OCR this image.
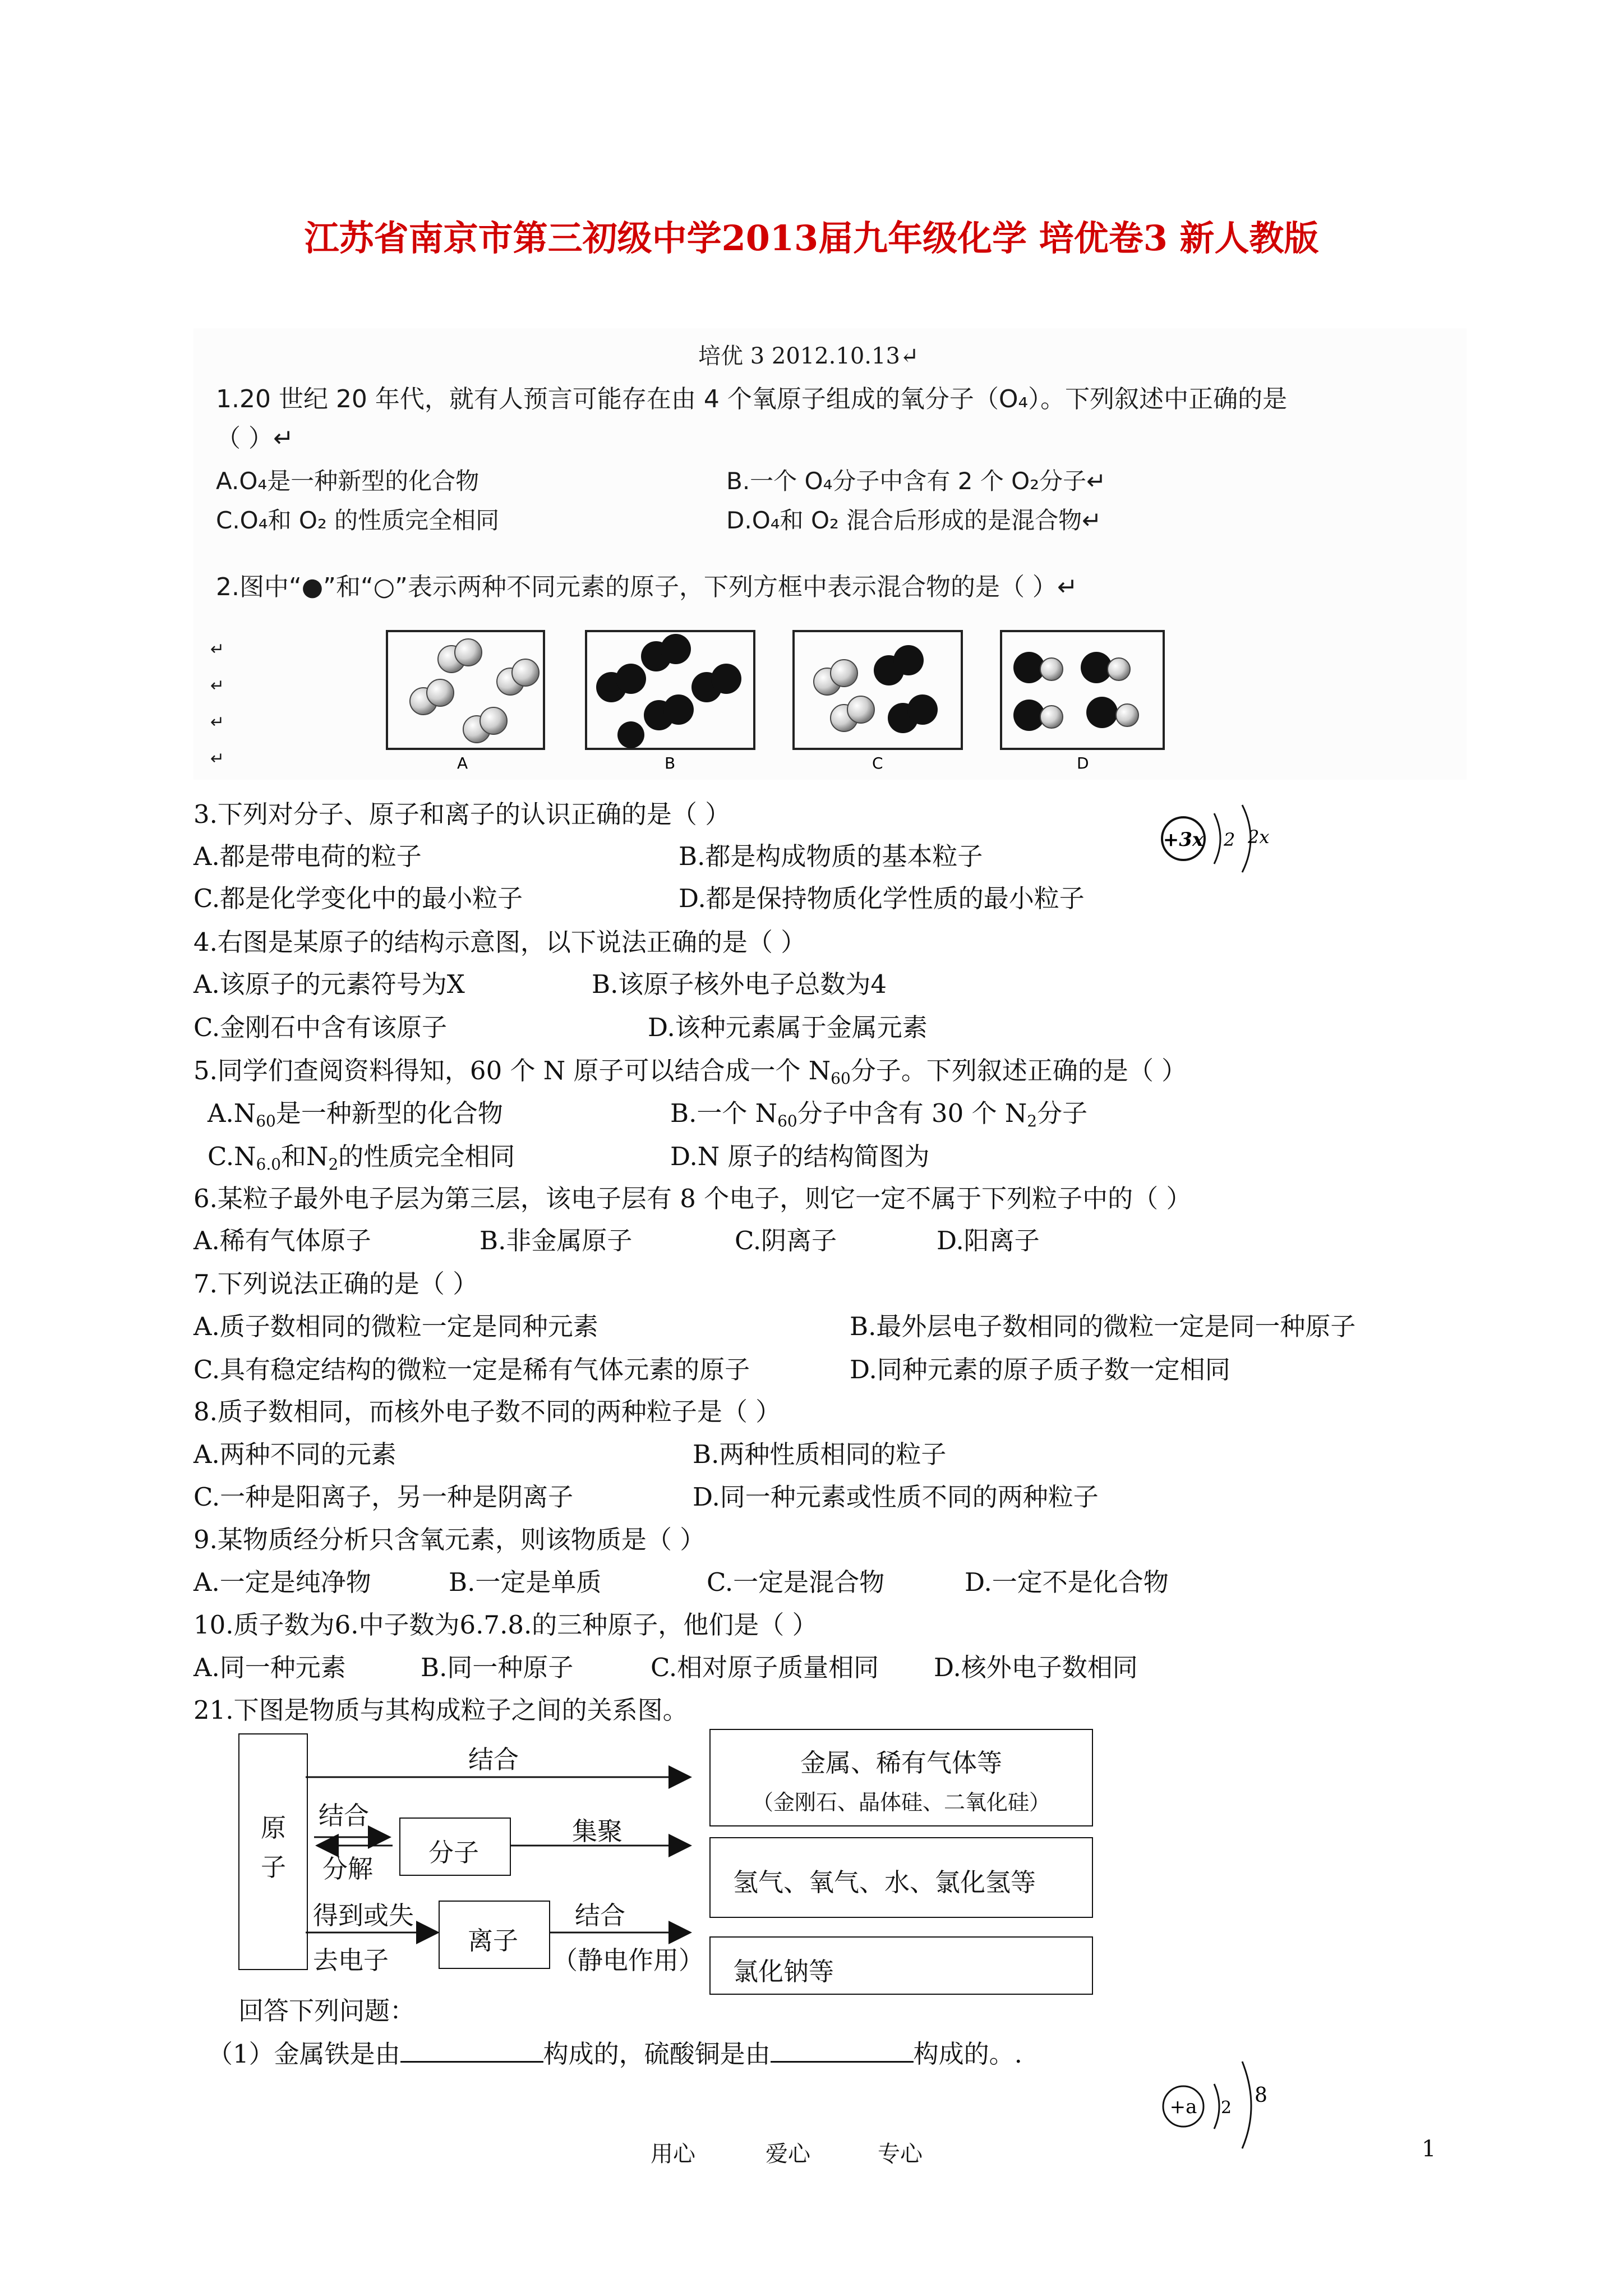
江苏省南京市第三初级中学2013届九年级化学 培优卷3 新人教版
培优 3 2012.10.13↵
1.20 世纪 20 年代，就有人预言可能存在由 4 个氧原子组成的氧分子（O₄）。下列叙述中正确的是
（ ）↵
A.O₄是一种新型的化合物	B.一个 O₄分子中含有 2 个 O₂分子↵
C.O₄和 O₂ 的性质完全相同	D.O₄和 O₂ 混合后形成的是混合物↵
2.图中“●”和“○”表示两种不同元素的原子，下列方框中表示混合物的是（ ）↵
↵
↵
↵
↵	A	B	C	D
+3x 2 2x
3.下列对分子、原子和离子的认识正确的是（ ）
A.都是带电荷的粒子	B.都是构成物质的基本粒子
C.都是化学变化中的最小粒子	D.都是保持物质化学性质的最小粒子
4.右图是某原子的结构示意图，以下说法正确的是（ ）
A.该原子的元素符号为X	B.该原子核外电子总数为4
C.金刚石中含有该原子	D.该种元素属于金属元素
5.同学们查阅资料得知，60 个 N 原子可以结合成一个 $N_{60}$分子。下列叙述正确的是（ ）
$A.N_{60}$是一种新型的化合物	B.一个 $N_{60}$分子中含有 30 个 $N_2$分子
$C.N_{6.0}$和$N_2$的性质完全相同	D.N 原子的结构简图为
6.某粒子最外电子层为第三层，该电子层有 8 个电子，则它一定不属于下列粒子中的（ ）
A.稀有气体原子	B.非金属原子	C.阴离子	D.阳离子
7.下列说法正确的是（ ）
A.质子数相同的微粒一定是同种元素	B.最外层电子数相同的微粒一定是同一种原子
C.具有稳定结构的微粒一定是稀有气体元素的原子	D.同种元素的原子质子数一定相同
8.质子数相同，而核外电子数不同的两种粒子是（ ）
A.两种不同的元素	B.两种性质相同的粒子
C.一种是阳离子，另一种是阴离子	D.同一种元素或性质不同的两种粒子
9.某物质经分析只含氧元素，则该物质是（ ）
A.一定是纯净物	B.一定是单质	C.一定是混合物	D.一定不是化合物
10.质子数为6.中子数为6.7.8.的三种原子，他们是（ ）
A.同一种元素	B.同一种原子	C.相对原子质量相同 D.核外电子数相同
21.下图是物质与其构成粒子之间的关系图。
原
子
结合
结合
分解
分子
集聚
得到或失
去电子
离子
结合
（静电作用）
金属、稀有气体等
（金刚石、晶体硅、二氧化硅）
氢气、氧气、水、氯化氢等
氯化钠等
回答下列问题：
（1）金属铁是由	构成的，硫酸铜是由	构成的。.
+a 2
8
用心	爱心	专心	1
